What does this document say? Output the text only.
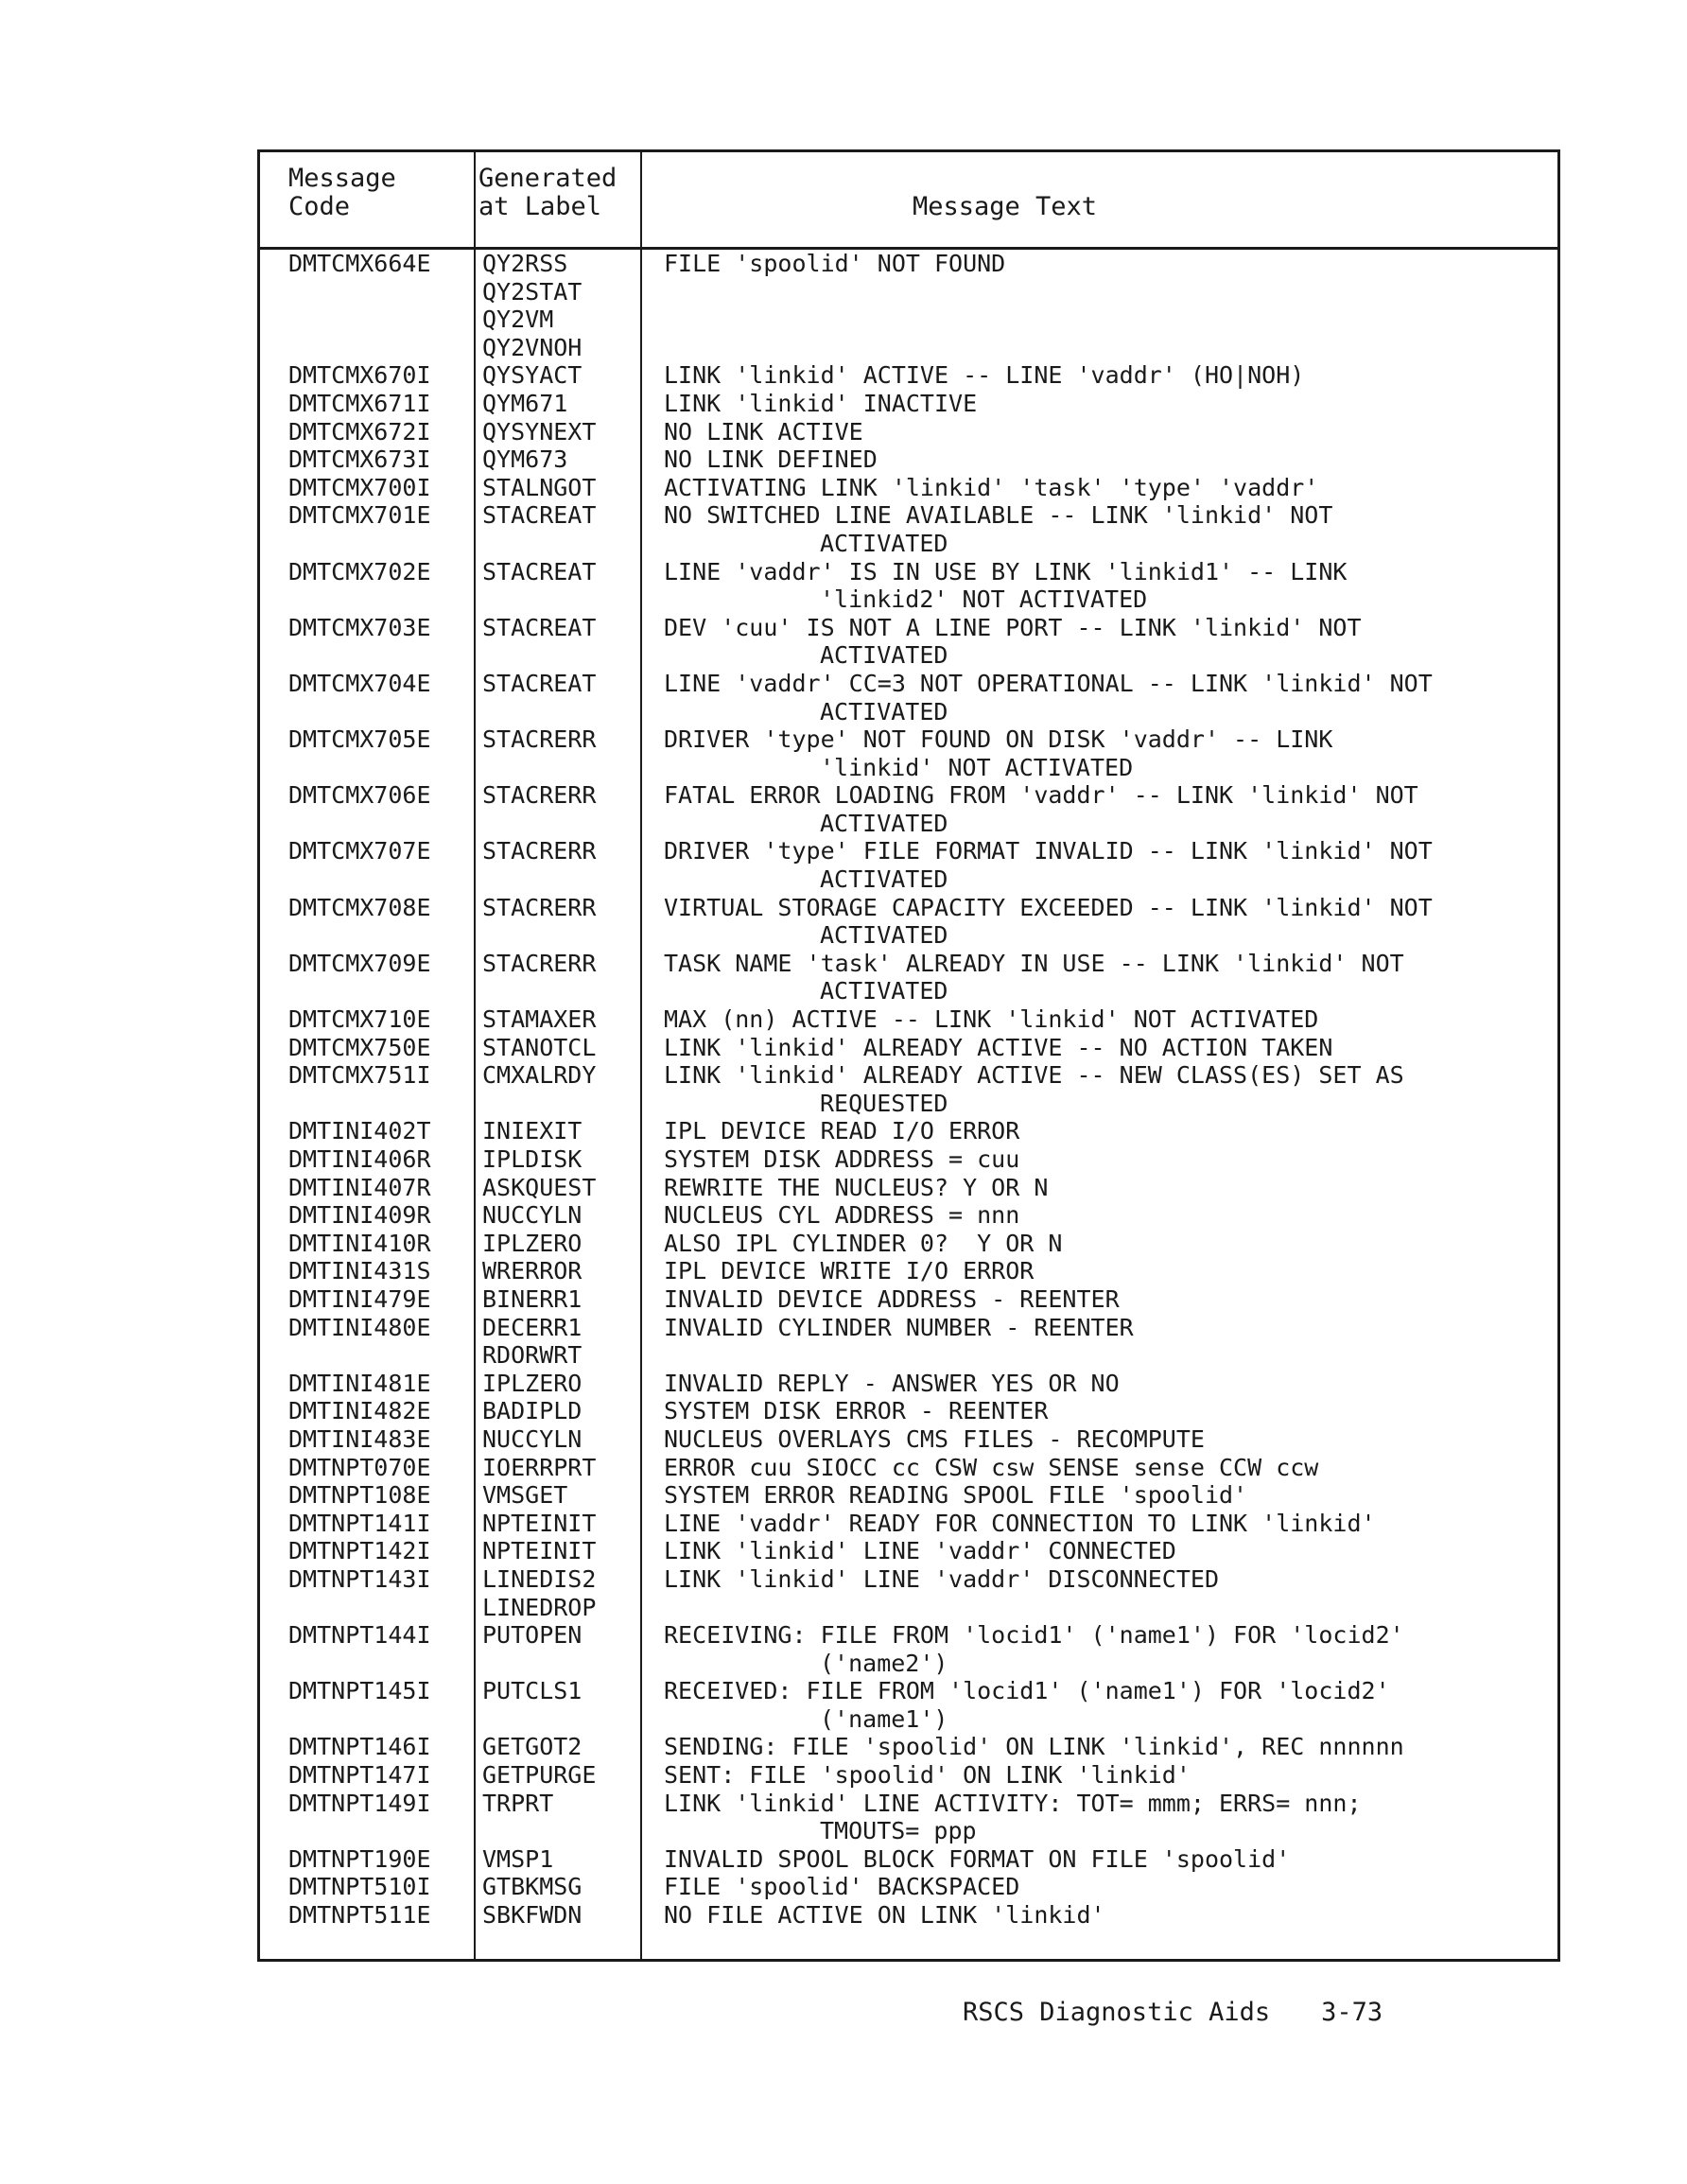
Message
Code
Generated
at Label	Message Text
DMTCMX664E QY2RSS	FILE 'spoolid' NOT FOUND
QY2STAT
QY2VM
QY2VNOH
DMTCMX670I QYSYACT	LINK 'linkid' ACTIVE -- LINE 'vaddr' (HO|NOH)
DMTCMX671I QYM671	LINK 'linkid' INACTIVE
DMTCMX672I QYSYNEXT	NO LINK ACTIVE
DMTCMX673I QYM673	NO LINK DEFINED
DMTCMX700I STALNGOT	ACTIVATING LINK 'linkid' 'task' 'type' 'vaddr'
DMTCMX701E STACREAT	NO SWITCHED LINE AVAILABLE -- LINK 'linkid' NOT
ACTIVATED
DMTCMX702E STACREAT	LINE 'vaddr' IS IN USE BY LINK 'linkid1' -- LINK
'linkid2' NOT ACTIVATED
DMTCMX703E STACREAT	DEV 'cuu' IS NOT A LINE PORT -- LINK 'linkid' NOT
ACTIVATED
DMTCMX704E STACREAT	LINE 'vaddr' CC=3 NOT OPERATIONAL -- LINK 'linkid' NOT
ACTIVATED
DMTCMX705E STACRERR	DRIVER 'type' NOT FOUND ON DISK 'vaddr' -- LINK
'linkid' NOT ACTIVATED
DMTCMX706E STACRERR	FATAL ERROR LOADING FROM 'vaddr' -- LINK 'linkid' NOT
ACTIVATED
DMTCMX707E STACRERR	DRIVER 'type' FILE FORMAT INVALID -- LINK 'linkid' NOT
ACTIVATED
DMTCMX708E STACRERR	VIRTUAL STORAGE CAPACITY EXCEEDED -- LINK 'linkid' NOT
ACTIVATED
DMTCMX709E STACRERR	TASK NAME 'task' ALREADY IN USE -- LINK 'linkid' NOT
ACTIVATED
DMTCMX710E STAMAXER	MAX (nn) ACTIVE -- LINK 'linkid' NOT ACTIVATED
DMTCMX750E STANOTCL	LINK 'linkid' ALREADY ACTIVE -- NO ACTION TAKEN
DMTCMX751I CMXALRDY	LINK 'linkid' ALREADY ACTIVE -- NEW CLASS(ES) SET AS
REQUESTED
DMTINI402T INIEXIT	IPL DEVICE READ I/O ERROR
DMTINI406R IPLDISK	SYSTEM DISK ADDRESS = cuu
DMTINI407R ASKQUEST	REWRITE THE NUCLEUS? Y OR N
DMTINI409R NUCCYLN	NUCLEUS CYL ADDRESS = nnn
DMTINI410R IPLZERO	ALSO IPL CYLINDER 0?  Y OR N
DMTINI431S WRERROR	IPL DEVICE WRITE I/O ERROR
DMTINI479E BINERR1	INVALID DEVICE ADDRESS - REENTER
DMTINI480E DECERR1	INVALID CYLINDER NUMBER - REENTER
RDORWRT
DMTINI481E IPLZERO	INVALID REPLY - ANSWER YES OR NO
DMTINI482E BADIPLD	SYSTEM DISK ERROR - REENTER
DMTINI483E NUCCYLN	NUCLEUS OVERLAYS CMS FILES - RECOMPUTE
DMTNPT070E IOERRPRT	ERROR cuu SIOCC cc CSW csw SENSE sense CCW ccw
DMTNPT108E VMSGET	SYSTEM ERROR READING SPOOL FILE 'spoolid'
DMTNPT141I NPTEINIT	LINE 'vaddr' READY FOR CONNECTION TO LINK 'linkid'
DMTNPT142I NPTEINIT	LINK 'linkid' LINE 'vaddr' CONNECTED
DMTNPT143I LINEDIS2	LINK 'linkid' LINE 'vaddr' DISCONNECTED
LINEDROP
DMTNPT144I PUTOPEN	RECEIVING: FILE FROM 'locid1' ('name1') FOR 'locid2'
('name2')
DMTNPT145I PUTCLS1	RECEIVED: FILE FROM 'locid1' ('name1') FOR 'locid2'
('name1')
DMTNPT146I GETGOT2	SENDING: FILE 'spoolid' ON LINK 'linkid', REC nnnnnn
DMTNPT147I GETPURGE	SENT: FILE 'spoolid' ON LINK 'linkid'
DMTNPT149I TRPRT	LINK 'linkid' LINE ACTIVITY: TOT= mmm; ERRS= nnn;
TMOUTS= ppp
DMTNPT190E VMSP1	INVALID SPOOL BLOCK FORMAT ON FILE 'spoolid'
DMTNPT510I GTBKMSG	FILE 'spoolid' BACKSPACED
DMTNPT511E SBKFWDN	NO FILE ACTIVE ON LINK 'linkid'
RSCS Diagnostic Aids 3-73
